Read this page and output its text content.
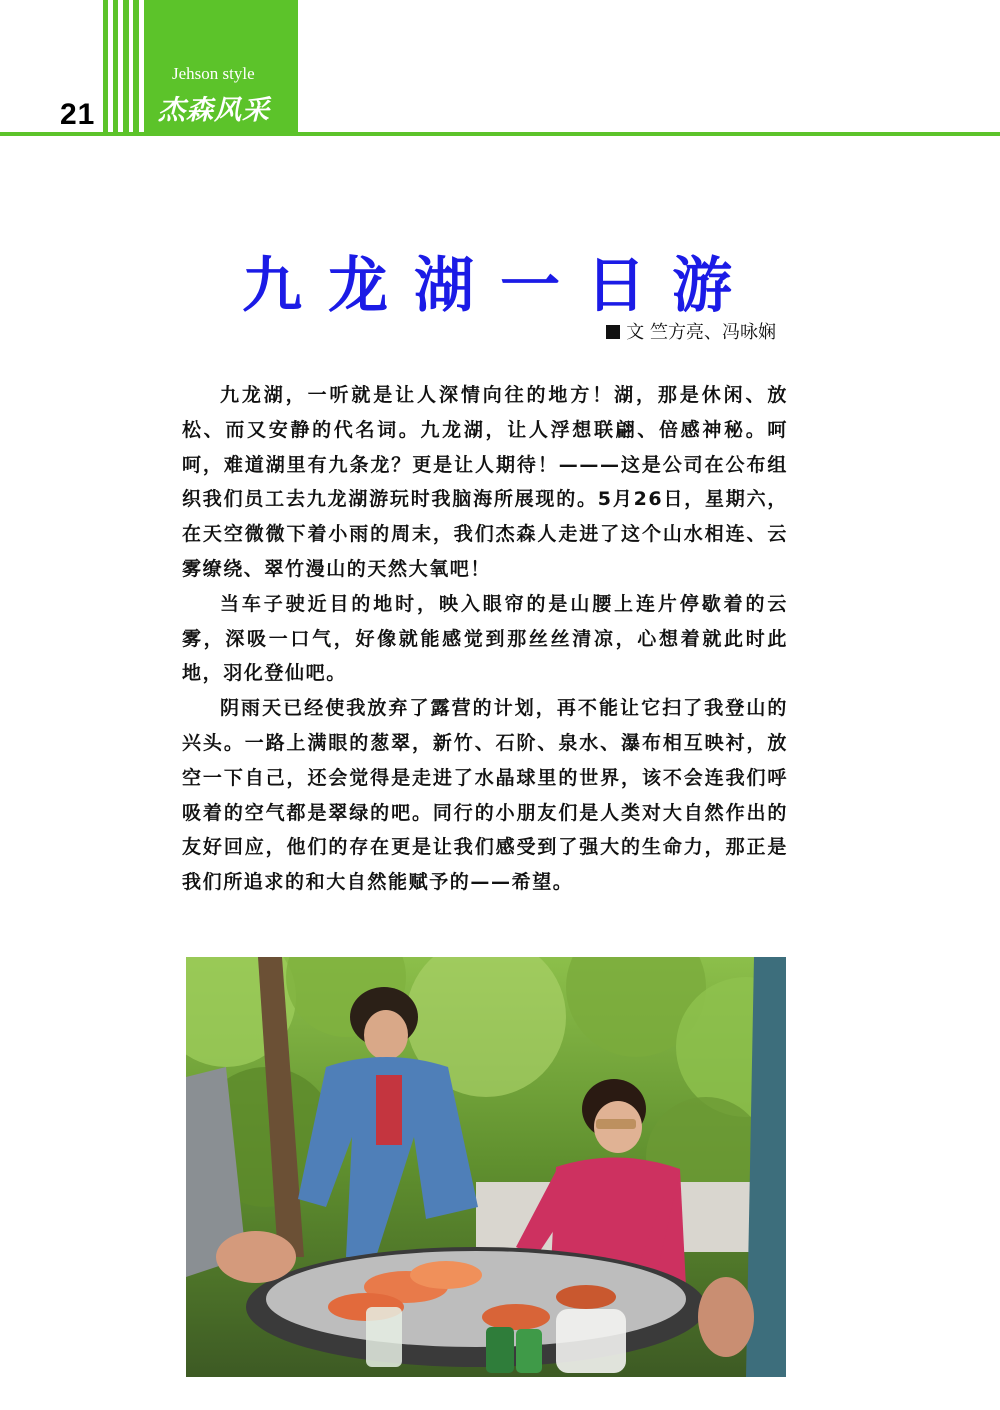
21
Jehson style
杰森风采
九龙湖一日游
文 竺方亮、冯咏娴

九龙湖，一听就是让人深情向往的地方！湖，那是休闲、放松、而又安静的代名词。九龙湖，让人浮想联翩、倍感神秘。呵呵，难道湖里有九条龙？更是让人期待！———这是公司在公布组织我们员工去九龙湖游玩时我脑海所展现的。5月26日，星期六，在天空微微下着小雨的周末，我们杰森人走进了这个山水相连、云雾缭绕、翠竹漫山的天然大氧吧！

当车子驶近目的地时，映入眼帘的是山腰上连片停歇着的云雾，深吸一口气，好像就能感觉到那丝丝清凉，心想着就此时此地，羽化登仙吧。

阴雨天已经使我放弃了露营的计划，再不能让它扫了我登山的兴头。一路上满眼的葱翠，新竹、石阶、泉水、瀑布相互映衬，放空一下自己，还会觉得是走进了水晶球里的世界，该不会连我们呼吸着的空气都是翠绿的吧。同行的小朋友们是人类对大自然作出的友好回应，他们的存在更是让我们感受到了强大的生命力，那正是我们所追求的和大自然能赋予的——希望。
